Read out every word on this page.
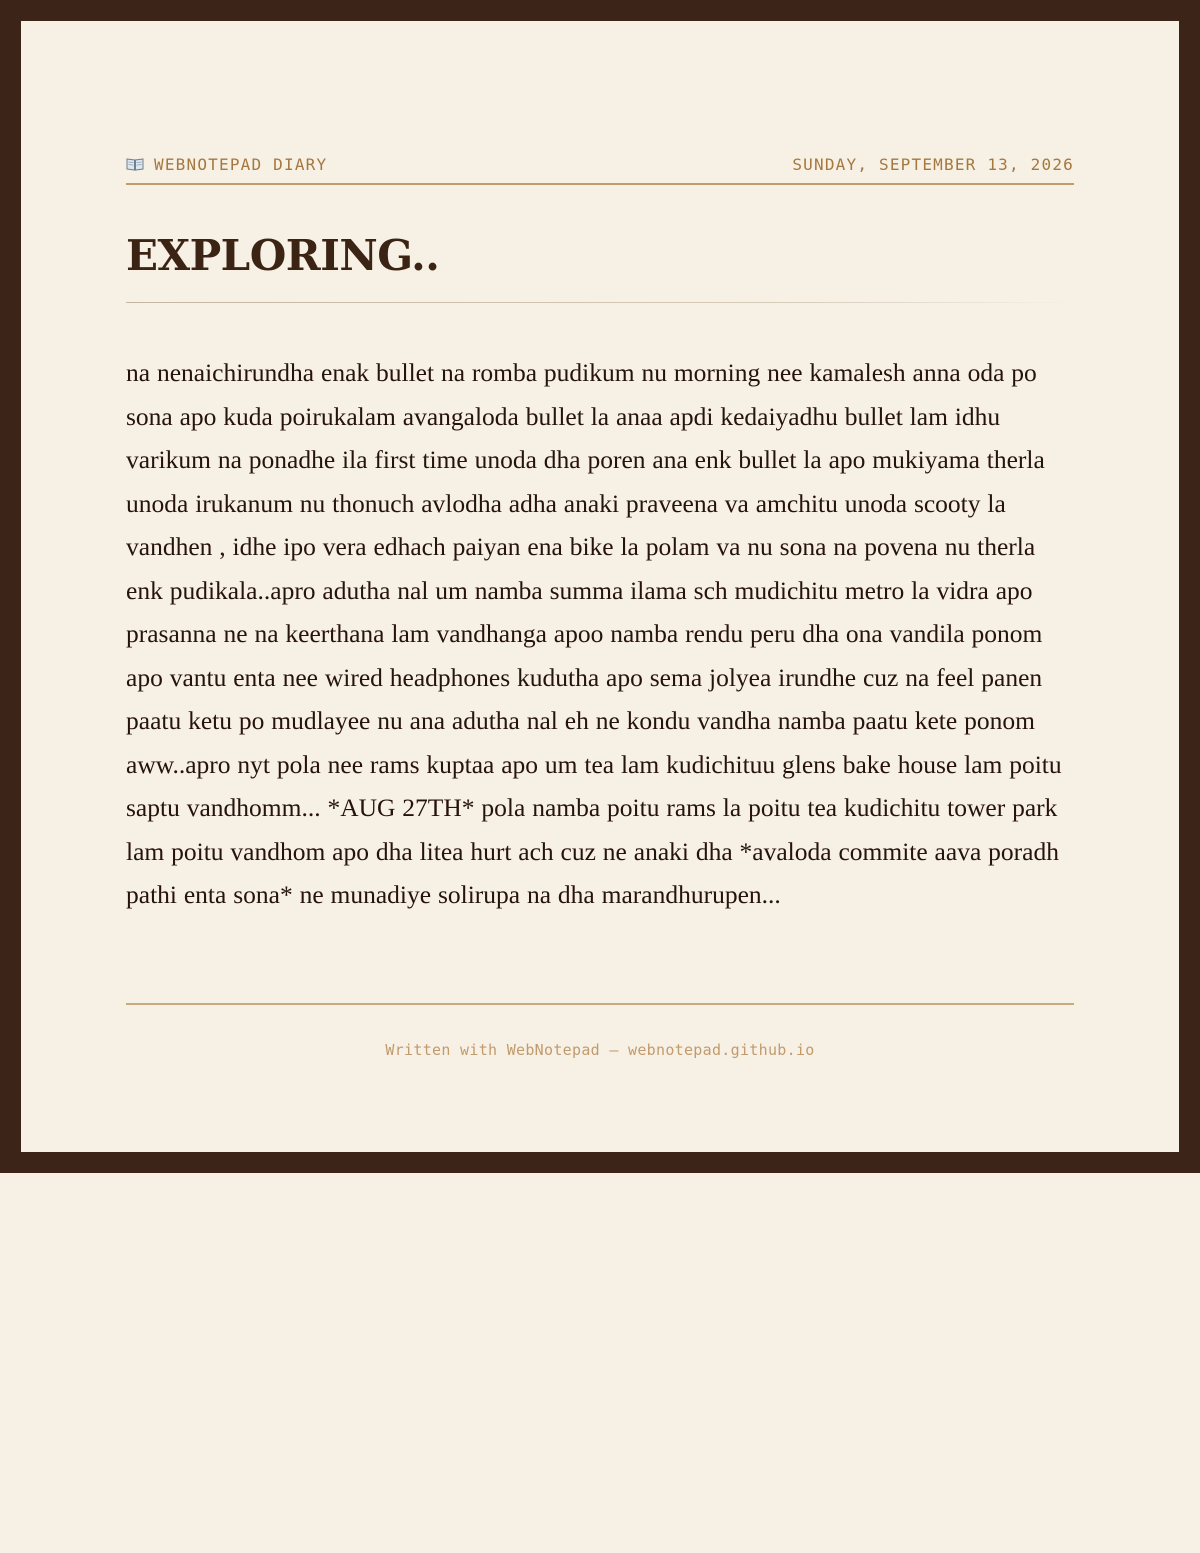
WEBNOTEPAD DIARY	SUNDAY, SEPTEMBER 13, 2026
EXPLORING..

na nenaichirundha enak bullet na romba pudikum nu morning nee kamalesh anna oda po sona apo kuda poirukalam avangaloda bullet la anaa apdi kedaiyadhu bullet lam idhu varikum na ponadhe ila first time unoda dha poren ana enk bullet la apo mukiyama therla unoda irukanum nu thonuch avlodha adha anaki praveena va amchitu unoda scooty la vandhen , idhe ipo vera edhach paiyan ena bike la polam va nu sona na povena nu therla enk pudikala..apro adutha nal um namba summa ilama sch mudichitu metro la vidra apo prasanna ne na keerthana lam vandhanga apoo namba rendu peru dha ona vandila ponom apo vantu enta nee wired headphones kudutha apo sema jolyea irundhe cuz na feel panen paatu ketu po mudlayee nu ana adutha nal eh ne kondu vandha namba paatu kete ponom aww..apro nyt pola nee rams kuptaa apo um tea lam kudichituu glens bake house lam poitu saptu vandhomm... *AUG 27TH* pola namba poitu rams la poitu tea kudichitu tower park lam poitu vandhom apo dha litea hurt ach cuz ne anaki dha *avaloda commite aava poradh pathi enta sona* ne munadiye solirupa na dha marandhurupen...

Written with WebNotepad — webnotepad.github.io
